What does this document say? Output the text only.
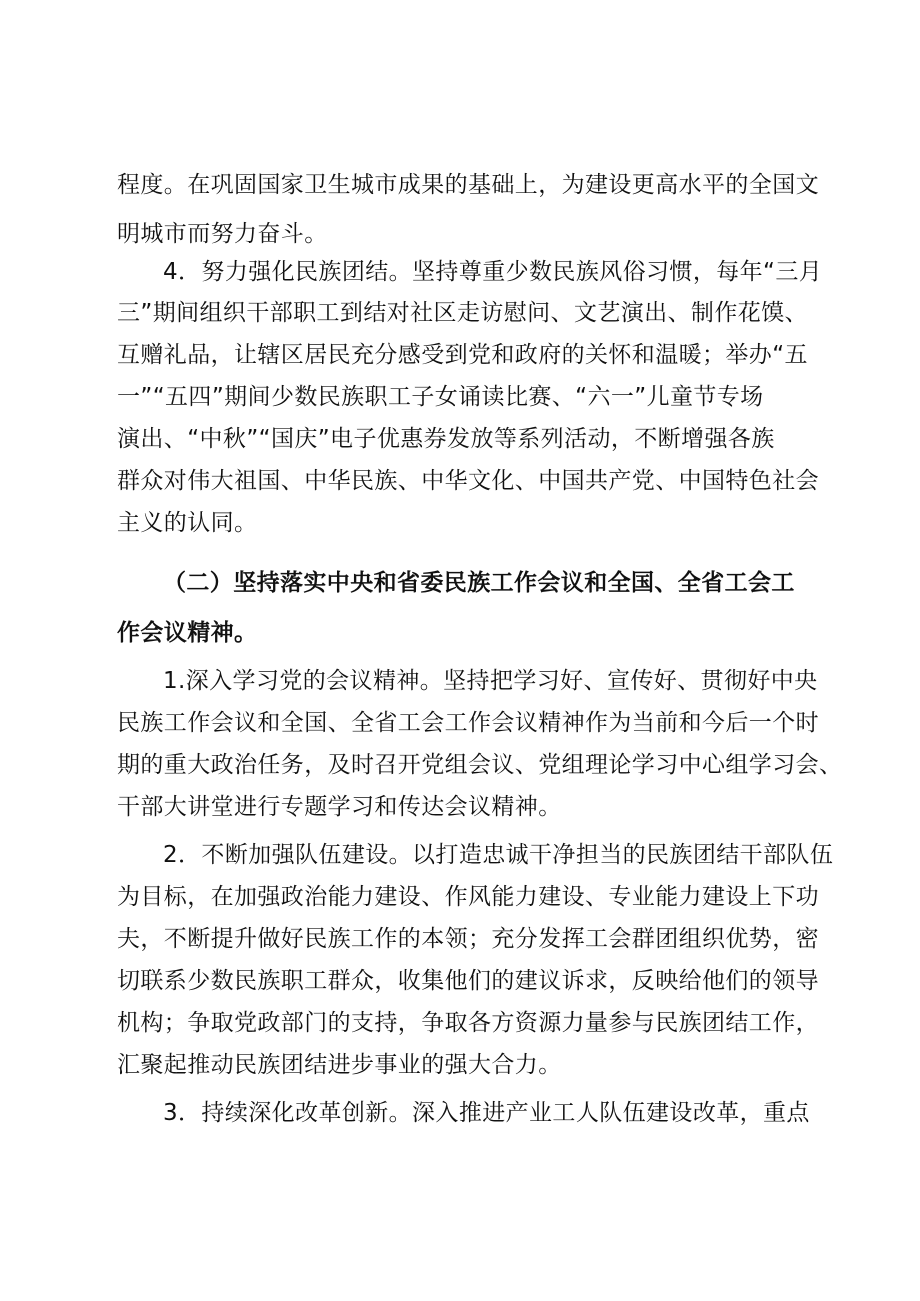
程度。在巩固国家卫生城市成果的基础上，为建设更高水平的全国文

明城市而努力奋斗。

4．努力强化民族团结。坚持尊重少数民族风俗习惯，每年“三月

三”期间组织干部职工到结对社区走访慰问、文艺演出、制作花馍、

互赠礼品，让辖区居民充分感受到党和政府的关怀和温暖；举办“五

一”“五四”期间少数民族职工子女诵读比赛、“六一”儿童节专场

演出、“中秋”“国庆”电子优惠券发放等系列活动，不断增强各族

群众对伟大祖国、中华民族、中华文化、中国共产党、中国特色社会

主义的认同。

（二）坚持落实中央和省委民族工作会议和全国、全省工会工

作会议精神。

1.深入学习党的会议精神。坚持把学习好、宣传好、贯彻好中央

民族工作会议和全国、全省工会工作会议精神作为当前和今后一个时

期的重大政治任务，及时召开党组会议、党组理论学习中心组学习会、

干部大讲堂进行专题学习和传达会议精神。

2．不断加强队伍建设。以打造忠诚干净担当的民族团结干部队伍

为目标，在加强政治能力建设、作风能力建设、专业能力建设上下功

夫，不断提升做好民族工作的本领；充分发挥工会群团组织优势，密

切联系少数民族职工群众，收集他们的建议诉求，反映给他们的领导

机构；争取党政部门的支持，争取各方资源力量参与民族团结工作，

汇聚起推动民族团结进步事业的强大合力。

3．持续深化改革创新。深入推进产业工人队伍建设改革，重点
